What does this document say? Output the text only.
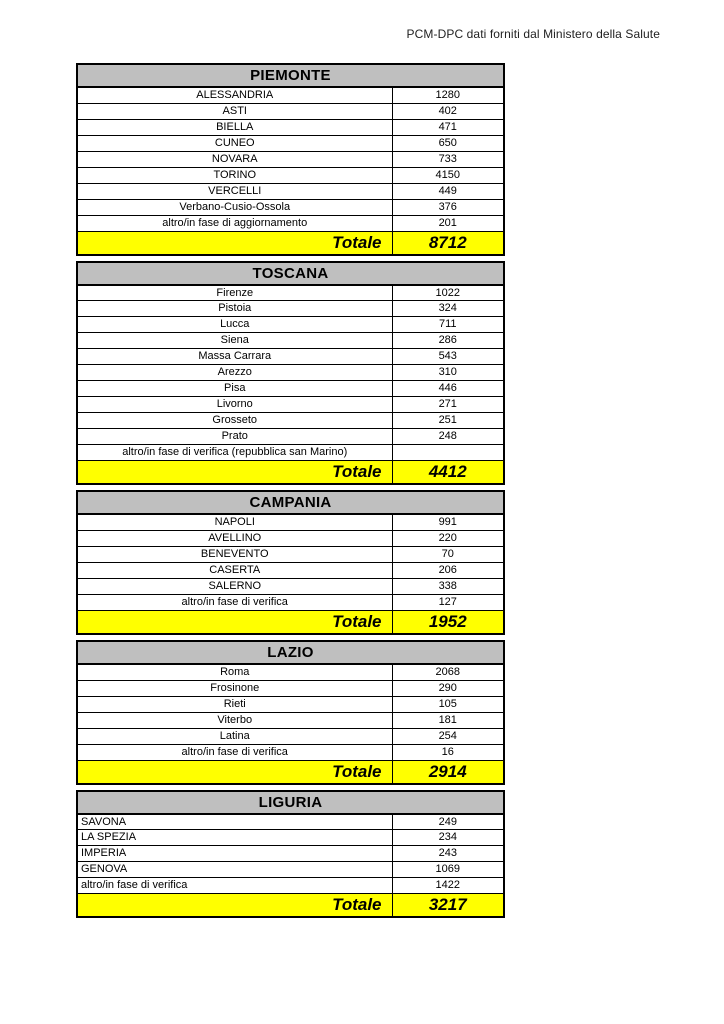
PCM-DPC dati forniti dal Ministero della Salute
PIEMONTE	
ALESSANDRIA	1280
ASTI	402
BIELLA	471
CUNEO	650
NOVARA	733
TORINO	4150
VERCELLI	449
Verbano-Cusio-Ossola	376
altro/in fase di aggiornamento	201
Totale	8712
TOSCANA	
Firenze	1022
Pistoia	324
Lucca	711
Siena	286
Massa Carrara	543
Arezzo	310
Pisa	446
Livorno	271
Grosseto	251
Prato	248
altro/in fase di verifica (repubblica san Marino)	
Totale	4412
CAMPANIA	
NAPOLI	991
AVELLINO	220
BENEVENTO	70
CASERTA	206
SALERNO	338
altro/in fase di verifica	127
Totale	1952
LAZIO	
Roma	2068
Frosinone	290
Rieti	105
Viterbo	181
Latina	254
altro/in fase di verifica	16
Totale	2914
LIGURIA	
SAVONA	249
LA SPEZIA	234
IMPERIA	243
GENOVA	1069
altro/in fase di verifica	1422
Totale	3217
